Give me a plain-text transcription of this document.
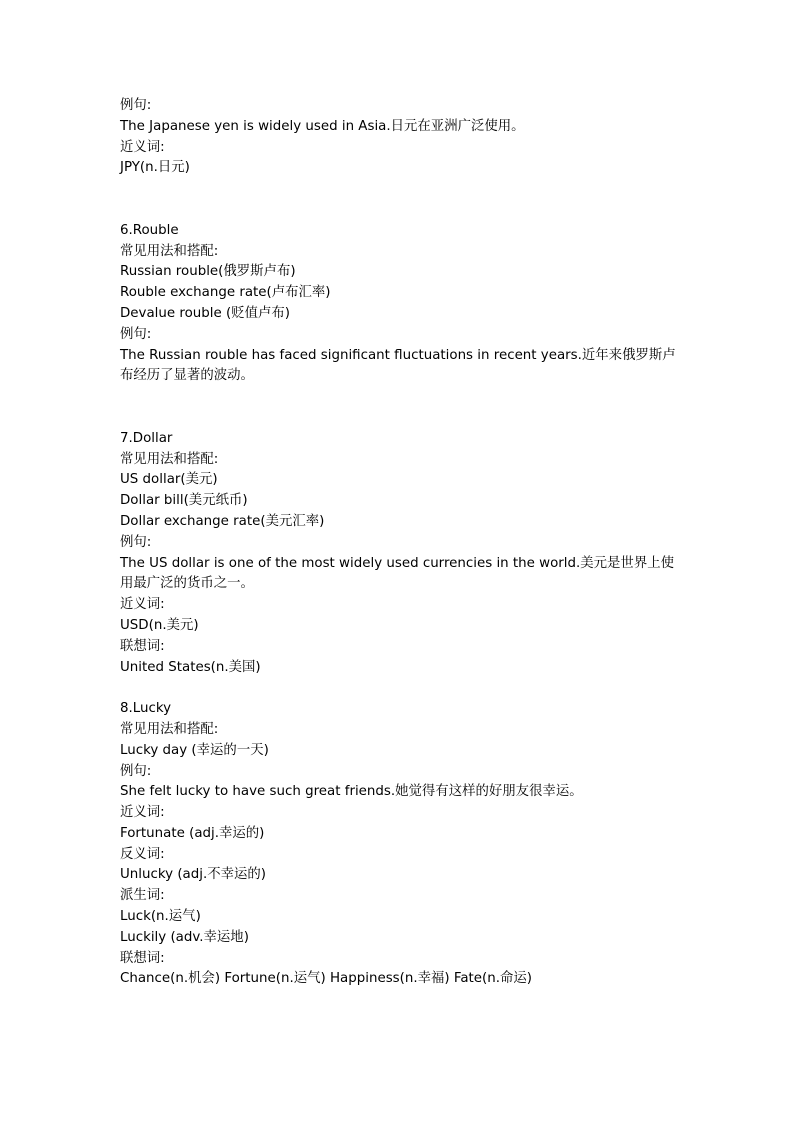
例句:
The Japanese yen is widely used in Asia.日元在亚洲广泛使用。
近义词:
JPY(n.日元)
6.Rouble
常见用法和搭配:
Russian rouble(俄罗斯卢布)
Rouble exchange rate(卢布汇率)
Devalue rouble (贬值卢布)
例句:
The Russian rouble has faced significant fluctuations in recent years.近年来俄罗斯卢
布经历了显著的波动。
7.Dollar
常见用法和搭配:
US dollar(美元)
Dollar bill(美元纸币)
Dollar exchange rate(美元汇率)
例句:
The US dollar is one of the most widely used currencies in the world.美元是世界上使
用最广泛的货币之一。
近义词:
USD(n.美元)
联想词:
United States(n.美国)
8.Lucky
常见用法和搭配:
Lucky day (幸运的一天)
例句:
She felt lucky to have such great friends.她觉得有这样的好朋友很幸运。
近义词:
Fortunate (adj.幸运的)
反义词:
Unlucky (adj.不幸运的)
派生词:
Luck(n.运气)
Luckily (adv.幸运地)
联想词:
Chance(n.机会) Fortune(n.运气) Happiness(n.幸福) Fate(n.命运)
